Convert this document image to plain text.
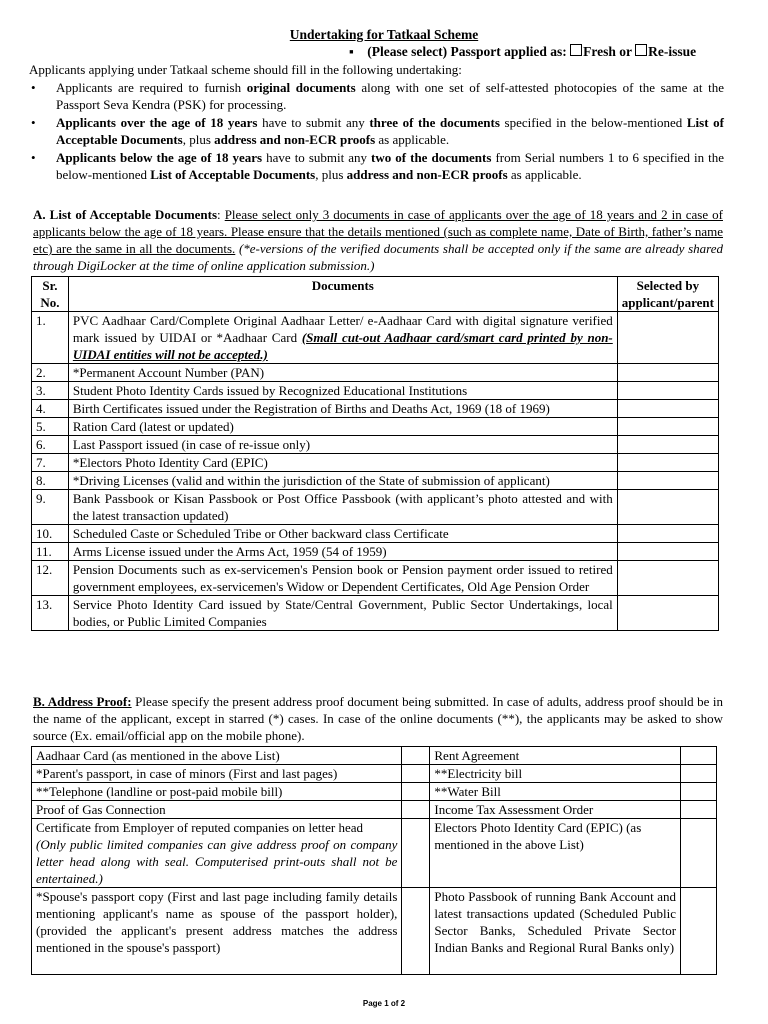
Undertaking for Tatkaal Scheme
▪ (Please select) Passport applied as: Fresh or Re-issue
Applicants applying under Tatkaal scheme should fill in the following undertaking:
• Applicants are required to furnish original documents along with one set of self-attested photocopies of the same at the Passport Seva Kendra (PSK) for processing.
• Applicants over the age of 18 years have to submit any three of the documents specified in the below-mentioned List of Acceptable Documents, plus address and non-ECR proofs as applicable.
• Applicants below the age of 18 years have to submit any two of the documents from Serial numbers 1 to 6 specified in the below-mentioned List of Acceptable Documents, plus address and non-ECR proofs as applicable.
A. List of Acceptable Documents: Please select only 3 documents in case of applicants over the age of 18 years and 2 in case of applicants below the age of 18 years. Please ensure that the details mentioned (such as complete name, Date of Birth, father’s name etc) are the same in all the documents. (*e-versions of the verified documents shall be accepted only if the same are already shared through DigiLocker at the time of online application submission.)
Sr. No.	Documents	Selected by applicant/parent
1.	PVC Aadhaar Card/Complete Original Aadhaar Letter/ e-Aadhaar Card with digital signature verified mark issued by UIDAI or *Aadhaar Card (Small cut-out Aadhaar card/smart card printed by non-UIDAI entities will not be accepted.)	
2.	*Permanent Account Number (PAN)	
3.	Student Photo Identity Cards issued by Recognized Educational Institutions	
4.	Birth Certificates issued under the Registration of Births and Deaths Act, 1969 (18 of 1969)	
5.	Ration Card (latest or updated)	
6.	Last Passport issued (in case of re-issue only)	
7.	*Electors Photo Identity Card (EPIC)	
8.	*Driving Licenses (valid and within the jurisdiction of the State of submission of applicant)	
9.	Bank Passbook or Kisan Passbook or Post Office Passbook (with applicant’s photo attested and with the latest transaction updated)	
10.	Scheduled Caste or Scheduled Tribe or Other backward class Certificate	
11.	Arms License issued under the Arms Act, 1959 (54 of 1959)	
12.	Pension Documents such as ex-servicemen's Pension book or Pension payment order issued to retired government employees, ex-servicemen's Widow or Dependent Certificates, Old Age Pension Order	
13.	Service Photo Identity Card issued by State/Central Government, Public Sector Undertakings, local bodies, or Public Limited Companies	
B. Address Proof: Please specify the present address proof document being submitted. In case of adults, address proof should be in the name of the applicant, except in starred (*) cases. In case of the online documents (**), the applicants may be asked to show source (Ex. email/official app on the mobile phone).
Aadhaar Card (as mentioned in the above List)		Rent Agreement	
*Parent's passport, in case of minors (First and last pages)		**Electricity bill	
**Telephone (landline or post-paid mobile bill)		**Water Bill	
Proof of Gas Connection		Income Tax Assessment Order	

Certificate from Employer of reputed companies on letter head
(Only public limited companies can give address proof on company letter head along with seal. Computerised print-outs shall not be entertained.)		Electors Photo Identity Card (EPIC) (as mentioned in the above List)	
*Spouse's passport copy (First and last page including family details mentioning applicant's name as spouse of the passport holder), (provided the applicant's present address matches the address mentioned in the spouse's passport)		Photo Passbook of running Bank Account and latest transactions updated (Scheduled Public Sector Banks, Scheduled Private Sector Indian Banks and Regional Rural Banks only)	
Page 1 of 2
